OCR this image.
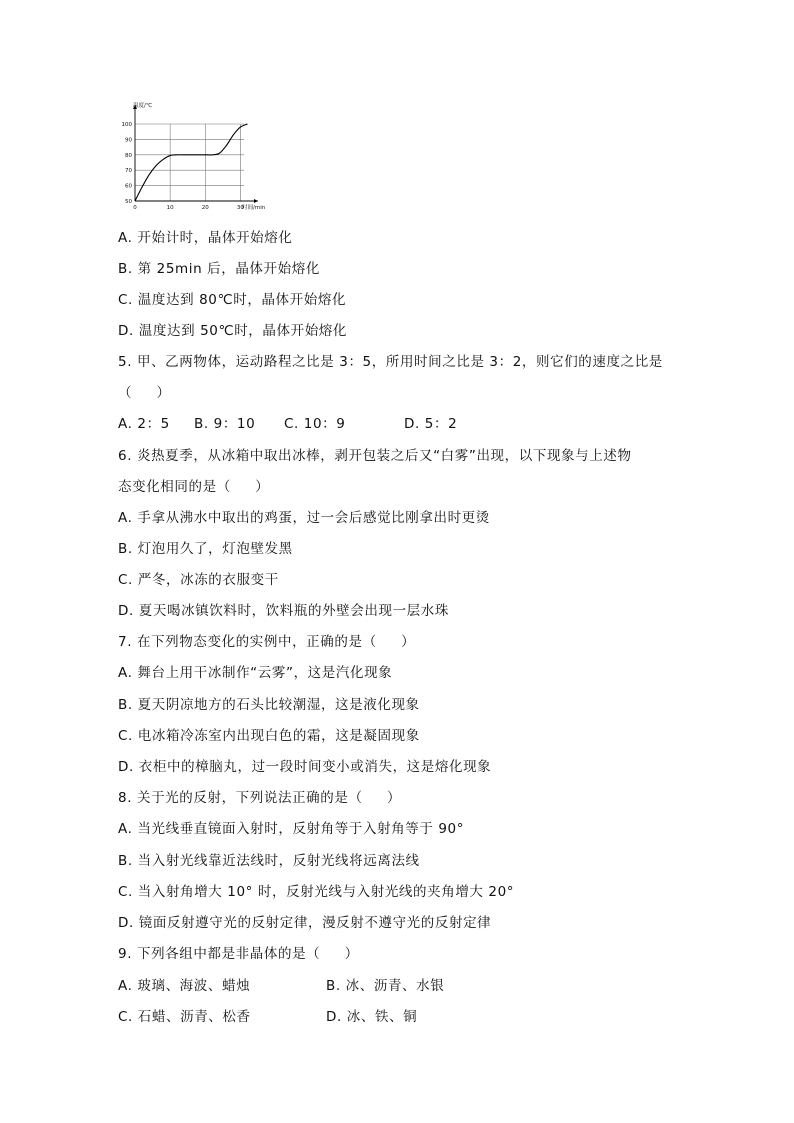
50
60
70
80
90
100
0	10	20	30
温度/℃
时间/min
A. 开始计时，晶体开始熔化
B. 第 25min 后，晶体开始熔化
C. 温度达到 80℃时，晶体开始熔化
D. 温度达到 50℃时，晶体开始熔化
5. 甲、乙两物体，运动路程之比是 3：5，所用时间之比是 3：2，则它们的速度之比是
（     ）
A. 2：5 B. 9：10 C. 10：9	D. 5：2
6. 炎热夏季，从冰箱中取出冰棒，剥开包装之后又“白雾”出现，以下现象与上述物
态变化相同的是（     ）
A. 手拿从沸水中取出的鸡蛋，过一会后感觉比刚拿出时更烫
B. 灯泡用久了，灯泡壁发黑
C. 严冬，冰冻的衣服变干
D. 夏天喝冰镇饮料时，饮料瓶的外壁会出现一层水珠
7. 在下列物态变化的实例中，正确的是（     ）
A. 舞台上用干冰制作“云雾”，这是汽化现象
B. 夏天阴凉地方的石头比较潮湿，这是液化现象
C. 电冰箱冷冻室内出现白色的霜，这是凝固现象
D. 衣柜中的樟脑丸，过一段时间变小或消失，这是熔化现象
8. 关于光的反射，下列说法正确的是（     ）
A. 当光线垂直镜面入射时，反射角等于入射角等于 90°
B. 当入射光线靠近法线时，反射光线将远离法线
C. 当入射角增大 10° 时，反射光线与入射光线的夹角增大 20°
D. 镜面反射遵守光的反射定律，漫反射不遵守光的反射定律
9. 下列各组中都是非晶体的是（     ）
A. 玻璃、海波、蜡烛	B. 冰、沥青、水银
C. 石蜡、沥青、松香	D. 冰、铁、铜
